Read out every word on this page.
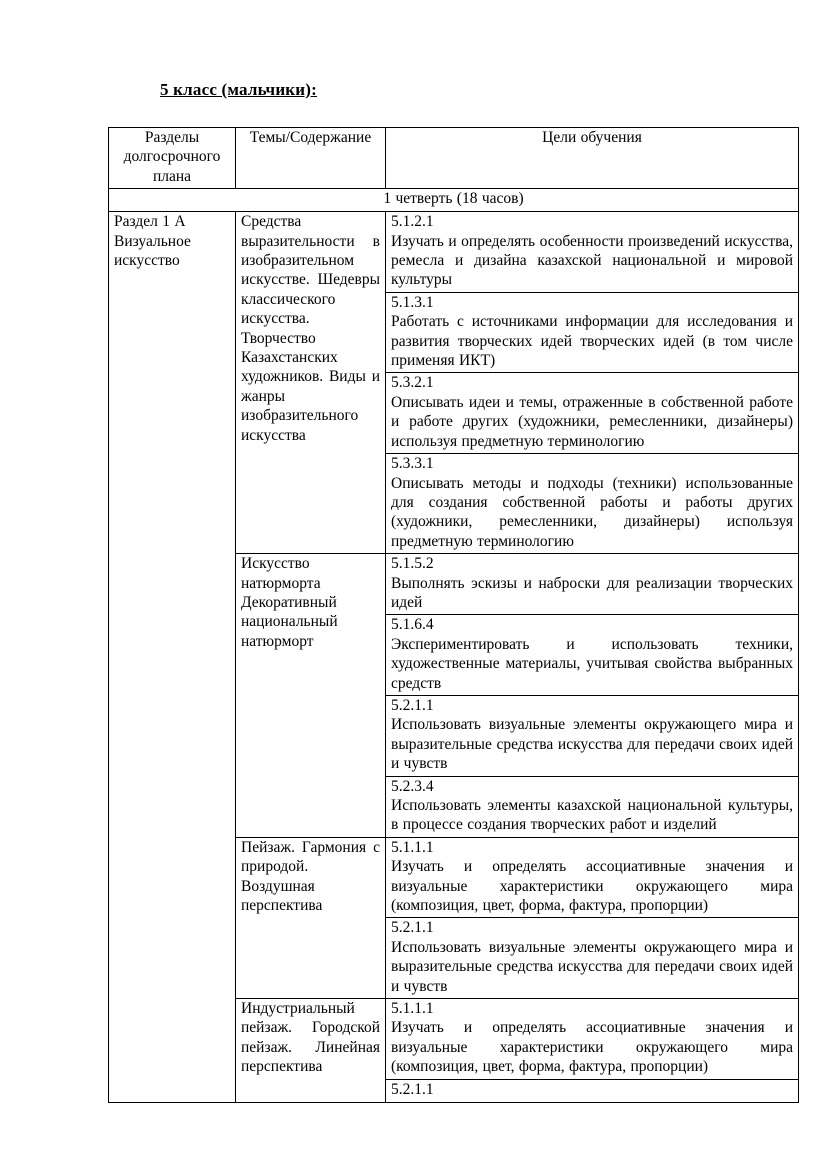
5 класс (мальчики):
Разделы долгосрочного плана	Темы/Содержание	Цели обучения
1 четверть (18 часов)		
Раздел 1 А Визуальное искусство	Средства выразительности в изобразительном искусстве. Шедевры классического искусства. Творчество Казахстанских художников. Виды и жанры изобразительного искусства	5.1.2.1
Изучать и определять особенности произведений искусства, ремесла и дизайна казахской национальной и мировой культуры

		5.1.3.1
Работать с источниками информации для исследования и развития творческих идей творческих идей (в том числе применяя ИКТ)

		5.3.2.1
Описывать идеи и темы, отраженные в собственной работе и работе других (художники, ремесленники, дизайнеры) используя предметную терминологию

		5.3.3.1
Описывать методы и подходы (техники) использованные для создания собственной работы и работы других (художники, ремесленники, дизайнеры) используя предметную терминологию

	Искусство натюрморта Декоративный национальный натюрморт	5.1.5.2
Выполнять эскизы и наброски для реализации творческих идей

		5.1.6.4
Экспериментировать и использовать техники, художественные материалы, учитывая свойства выбранных средств

		5.2.1.1
Использовать визуальные элементы окружающего мира и выразительные средства искусства для передачи своих идей и чувств

		5.2.3.4
Использовать элементы казахской национальной культуры, в процессе создания творческих работ и изделий

	Пейзаж. Гармония с природой. Воздушная перспектива	5.1.1.1
Изучать и определять ассоциативные значения и визуальные характеристики окружающего мира (композиция, цвет, форма, фактура, пропорции)

		5.2.1.1
Использовать визуальные элементы окружающего мира и выразительные средства искусства для передачи своих идей и чувств

	Индустриальный пейзаж. Городской пейзаж. Линейная перспектива	5.1.1.1
Изучать и определять ассоциативные значения и визуальные характеристики окружающего мира (композиция, цвет, форма, фактура, пропорции)

		5.2.1.1
